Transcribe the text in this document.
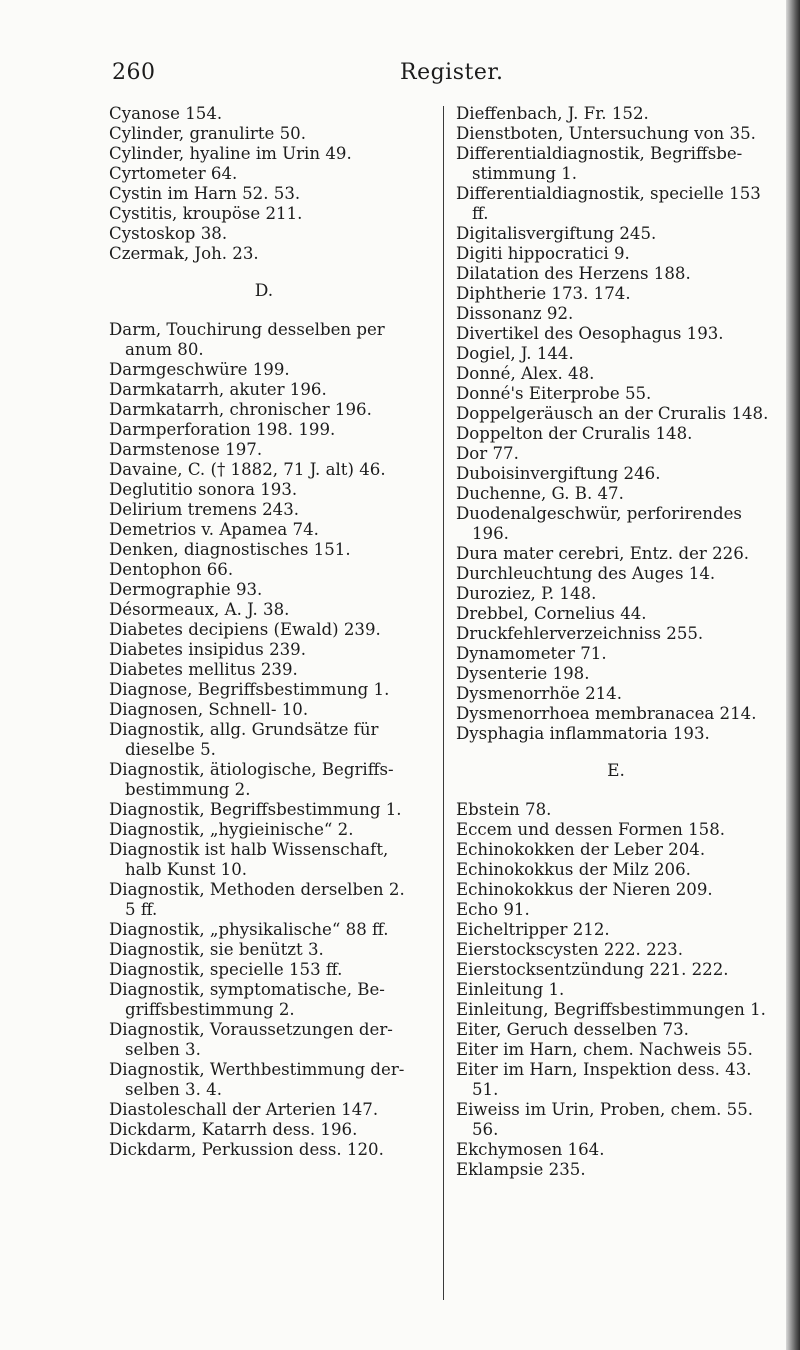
260	Register.

Cyanose 154.

Cylinder, granulirte 50.

Cylinder, hyaline im Urin 49.

Cyrtometer 64.

Cystin im Harn 52. 53.

Cystitis, kroupöse 211.

Cystoskop 38.

Czermak, Joh. 23.

D.

Darm, Touchirung desselben per anum 80.

Darmgeschwüre 199.

Darmkatarrh, akuter 196.

Darmkatarrh, chronischer 196.

Darmperforation 198. 199.

Darmstenose 197.

Davaine, C. († 1882, 71 J. alt) 46.

Deglutitio sonora 193.

Delirium tremens 243.

Demetrios v. Apamea 74.

Denken, diagnostisches 151.

Dentophon 66.

Dermographie 93.

Désormeaux, A. J. 38.

Diabetes decipiens (Ewald) 239.

Diabetes insipidus 239.

Diabetes mellitus 239.

Diagnose, Begriffsbestimmung 1.

Diagnosen, Schnell- 10.

Diagnostik, allg. Grundsätze für dieselbe 5.

Diagnostik, ätiologische, Begriffs-bestimmung 2.

Diagnostik, Begriffsbestimmung 1.

Diagnostik, „hygieinische“ 2.

Diagnostik ist halb Wissenschaft, halb Kunst 10.

Diagnostik, Methoden derselben 2. 5 ff.

Diagnostik, „physikalische“ 88 ff.

Diagnostik, sie benützt 3.

Diagnostik, specielle 153 ff.

Diagnostik, symptomatische, Be-griffsbestimmung 2.

Diagnostik, Voraussetzungen der-selben 3.

Diagnostik, Werthbestimmung der-selben 3. 4.

Diastoleschall der Arterien 147.

Dickdarm, Katarrh dess. 196.

Dickdarm, Perkussion dess. 120.

Dieffenbach, J. Fr. 152.

Dienstboten, Untersuchung von 35.

Differentialdiagnostik, Begriffsbe-stimmung 1.

Differentialdiagnostik, specielle 153 ff.

Digitalisvergiftung 245.

Digiti hippocratici 9.

Dilatation des Herzens 188.

Diphtherie 173. 174.

Dissonanz 92.

Divertikel des Oesophagus 193.

Dogiel, J. 144.

Donné, Alex. 48.

Donné's Eiterprobe 55.

Doppelgeräusch an der Cruralis 148.

Doppelton der Cruralis 148.

Dor 77.

Duboisinvergiftung 246.

Duchenne, G. B. 47.

Duodenalgeschwür, perforirendes 196.

Dura mater cerebri, Entz. der 226.

Durchleuchtung des Auges 14.

Duroziez, P. 148.

Drebbel, Cornelius 44.

Druckfehlerverzeichniss 255.

Dynamometer 71.

Dysenterie 198.

Dysmenorrhöe 214.

Dysmenorrhoea membranacea 214.

Dysphagia inflammatoria 193.

E.

Ebstein 78.

Eccem und dessen Formen 158.

Echinokokken der Leber 204.

Echinokokkus der Milz 206.

Echinokokkus der Nieren 209.

Echo 91.

Eicheltripper 212.

Eierstockscysten 222. 223.

Eierstocksentzündung 221. 222.

Einleitung 1.

Einleitung, Begriffsbestimmungen 1.

Eiter, Geruch desselben 73.

Eiter im Harn, chem. Nachweis 55.

Eiter im Harn, Inspektion dess. 43. 51.

Eiweiss im Urin, Proben, chem. 55. 56.

Ekchymosen 164.

Eklampsie 235.
